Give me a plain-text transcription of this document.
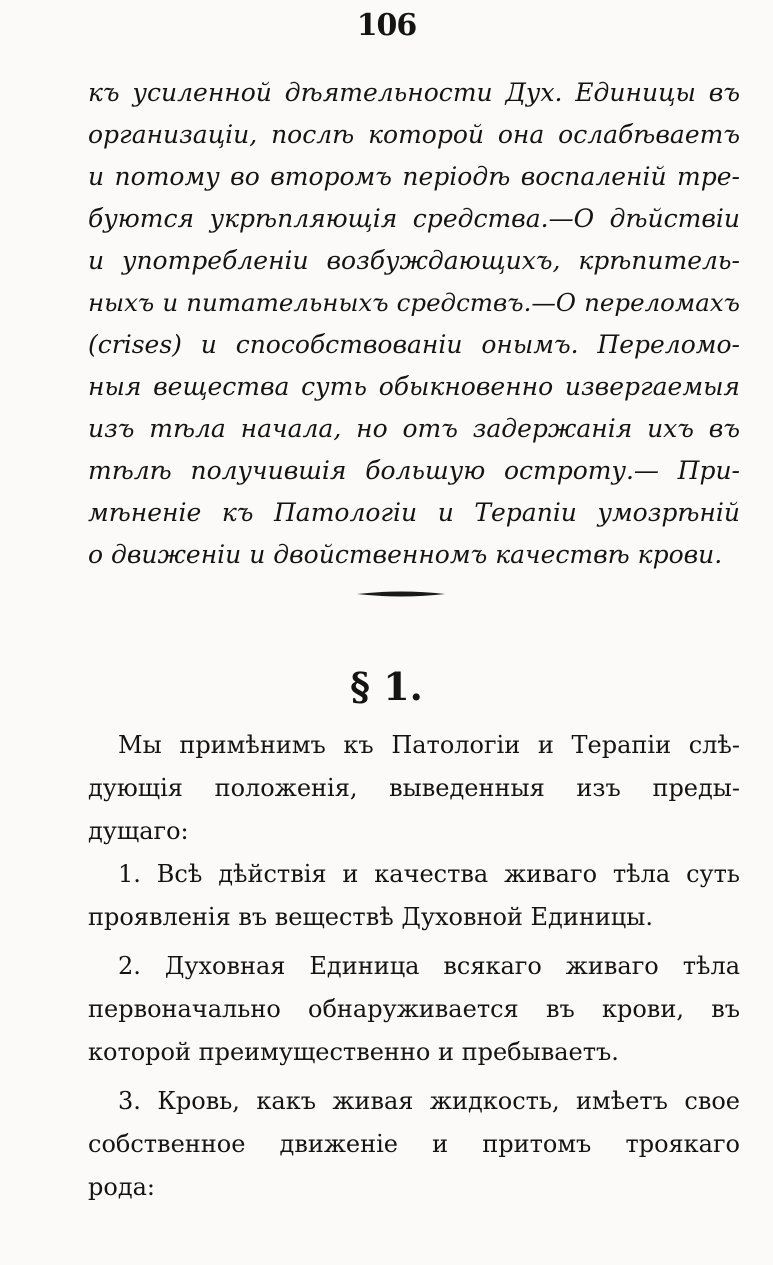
106
къ усиленной дѣятельности Дух. Единицы въ
организаціи, послѣ которой она ослабѣваетъ
и потому во второмъ періодѣ воспаленій тре-
буются укрѣпляющія средства.—О дѣйствіи
и употребленіи возбуждающихъ, крѣпитель-
ныхъ и питательныхъ средствъ.—О переломахъ
(crises) и способствованіи онымъ. Переломо-
ныя вещества суть обыкновенно извергаемыя
изъ тѣла начала, но отъ задержанія ихъ въ
тѣлѣ получившія большую остроту.— При-
мѣненіе къ Патологіи и Терапіи умозрѣній
о движеніи и двойственномъ качествѣ крови.
§ 1.
Мы примѣнимъ къ Патологіи и Терапіи слѣ-
дующія положенія, выведенныя изъ преды-
дущаго:
1. Всѣ дѣйствія и качества живаго тѣла суть
проявленія въ веществѣ Духовной Единицы.
2. Духовная Единица всякаго живаго тѣла
первоначально обнаруживается въ крови, въ
которой преимущественно и пребываетъ.
3. Кровь, какъ живая жидкость, имѣетъ свое
собственное движеніе и притомъ троякаго
рода:
